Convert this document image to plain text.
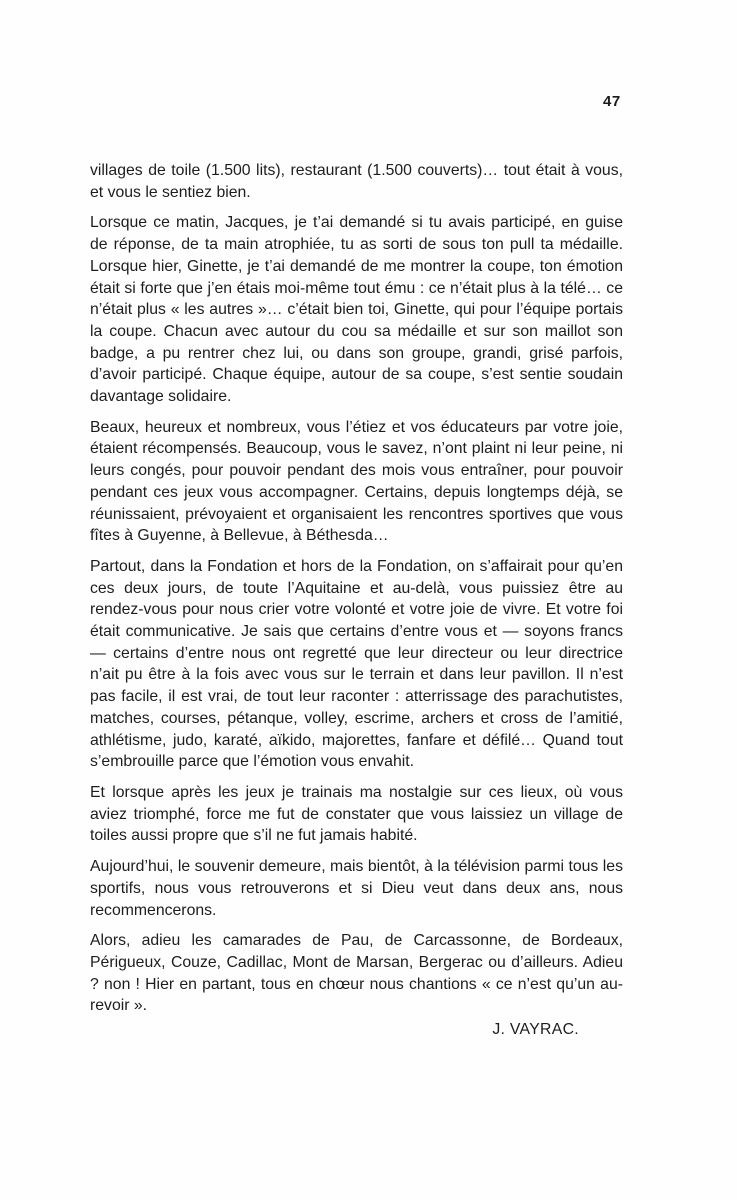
47

villages de toile (1.500 lits), restaurant (1.500 couverts)… tout était à vous, et vous le sentiez bien.

Lorsque ce matin, Jacques, je t’ai demandé si tu avais participé, en guise de réponse, de ta main atrophiée, tu as sorti de sous ton pull ta médaille. Lorsque hier, Ginette, je t’ai demandé de me montrer la coupe, ton émotion était si forte que j’en étais moi-même tout ému : ce n’était plus à la télé… ce n’était plus « les autres »… c’était bien toi, Ginette, qui pour l’équipe portais la coupe. Chacun avec autour du cou sa médaille et sur son maillot son badge, a pu rentrer chez lui, ou dans son groupe, grandi, grisé parfois, d’avoir participé. Chaque équipe, autour de sa coupe, s’est sentie soudain davantage solidaire.

Beaux, heureux et nombreux, vous l’étiez et vos éducateurs par votre joie, étaient récompensés. Beaucoup, vous le savez, n’ont plaint ni leur peine, ni leurs congés, pour pouvoir pendant des mois vous entraîner, pour pouvoir pendant ces jeux vous accompagner. Certains, depuis longtemps déjà, se réunissaient, prévoyaient et organisaient les rencontres sportives que vous fîtes à Guyenne, à Bellevue, à Béthesda…

Partout, dans la Fondation et hors de la Fondation, on s’affairait pour qu’en ces deux jours, de toute l’Aquitaine et au-delà, vous puissiez être au rendez-vous pour nous crier votre volonté et votre joie de vivre. Et votre foi était communicative. Je sais que certains d’entre vous et — soyons francs — certains d’entre nous ont regretté que leur directeur ou leur directrice n’ait pu être à la fois avec vous sur le terrain et dans leur pavillon. Il n’est pas facile, il est vrai, de tout leur raconter : atterrissage des parachutistes, matches, courses, pétanque, volley, escrime, archers et cross de l’amitié, athlétisme, judo, karaté, aïkido, majorettes, fanfare et défilé… Quand tout s’embrouille parce que l’émotion vous envahit.

Et lorsque après les jeux je trainais ma nostalgie sur ces lieux, où vous aviez triomphé, force me fut de constater que vous laissiez un village de toiles aussi propre que s’il ne fut jamais habité.

Aujourd’hui, le souvenir demeure, mais bientôt, à la télévision parmi tous les sportifs, nous vous retrouverons et si Dieu veut dans deux ans, nous recommencerons.

Alors, adieu les camarades de Pau, de Carcassonne, de Bordeaux, Périgueux, Couze, Cadillac, Mont de Marsan, Bergerac ou d’ailleurs. Adieu ? non ! Hier en partant, tous en chœur nous chantions « ce n’est qu’un au-revoir ».

J. VAYRAC.
